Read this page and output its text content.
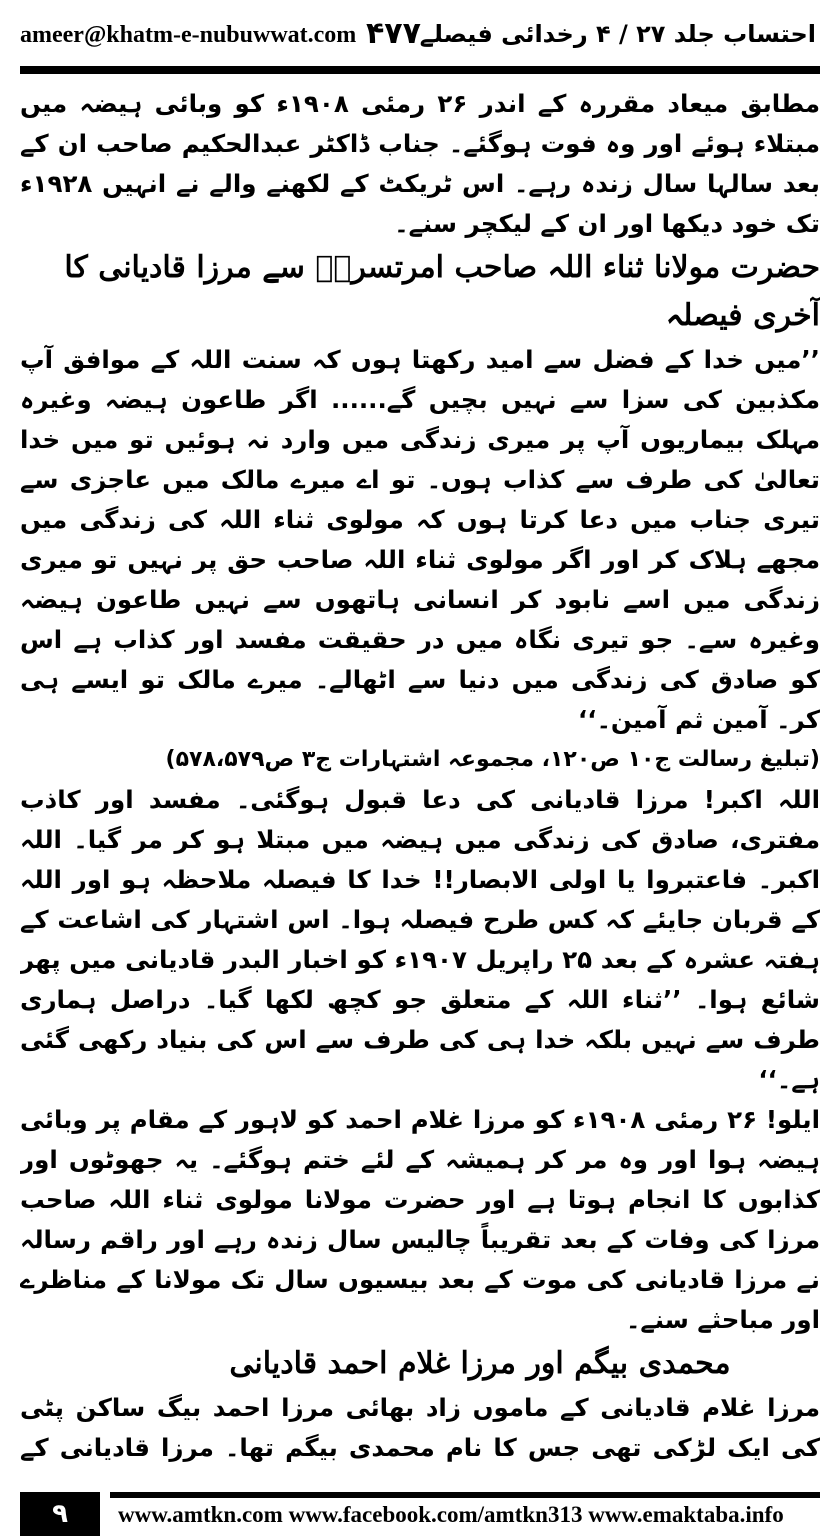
ameer@khatm-e-nubuwwat.com ۴۷۷
احتساب جلد ۲۷ / ۴ رخدائی فیصلے

مطابق میعاد مقررہ کے اندر ۲۶ رمئی ۱۹۰۸ء کو وبائی ہیضہ میں مبتلاء ہوئے اور وہ فوت ہوگئے۔ جناب ڈاکٹر عبدالحکیم صاحب ان کے بعد سالہا سال زندہ رہے۔ اس ٹریکٹ کے لکھنے والے نے انہیں ۱۹۲۸ء تک خود دیکھا اور ان کے لیکچر سنے۔

حضرت مولانا ثناء اللہ صاحب امرتسریؒ سے مرزا قادیانی کا آخری فیصلہ

’’میں خدا کے فضل سے امید رکھتا ہوں کہ سنت اللہ کے موافق آپ مکذبین کی سزا سے نہیں بچیں گے...... اگر طاعون ہیضہ وغیرہ مہلک بیماریوں آپ پر میری زندگی میں وارد نہ ہوئیں تو میں خدا تعالیٰ کی طرف سے کذاب ہوں۔ تو اے میرے مالک میں عاجزی سے تیری جناب میں دعا کرتا ہوں کہ مولوی ثناء اللہ کی زندگی میں مجھے ہلاک کر اور اگر مولوی ثناء اللہ صاحب حق پر نہیں تو میری زندگی میں اسے نابود کر انسانی ہاتھوں سے نہیں طاعون ہیضہ وغیرہ سے۔ جو تیری نگاہ میں در حقیقت مفسد اور کذاب ہے اس کو صادق کی زندگی میں دنیا سے اٹھالے۔ میرے مالک تو ایسے ہی کر۔ آمین ثم آمین۔‘‘

(تبلیغ رسالت ج۱۰ ص۱۲۰، مجموعہ اشتہارات ج۳ ص۵۷۸،۵۷۹)

اللہ اکبر! مرزا قادیانی کی دعا قبول ہوگئی۔ مفسد اور کاذب مفتری، صادق کی زندگی میں ہیضہ میں مبتلا ہو کر مر گیا۔ اللہ اکبر۔ فاعتبروا یا اولی الابصار!! خدا کا فیصلہ ملاحظہ ہو اور اللہ کے قربان جایئے کہ کس طرح فیصلہ ہوا۔ اس اشتہار کی اشاعت کے ہفتہ عشرہ کے بعد ۲۵ راپریل ۱۹۰۷ء کو اخبار البدر قادیانی میں پھر شائع ہوا۔ ’’ثناء اللہ کے متعلق جو کچھ لکھا گیا۔ دراصل ہماری طرف سے نہیں بلکہ خدا ہی کی طرف سے اس کی بنیاد رکھی گئی ہے۔‘‘

ایلو! ۲۶ رمئی ۱۹۰۸ء کو مرزا غلام احمد کو لاہور کے مقام پر وبائی ہیضہ ہوا اور وہ مر کر ہمیشہ کے لئے ختم ہوگئے۔ یہ جھوٹوں اور کذابوں کا انجام ہوتا ہے اور حضرت مولانا مولوی ثناء اللہ صاحب مرزا کی وفات کے بعد تقریباً چالیس سال زندہ رہے اور راقم رسالہ نے مرزا قادیانی کی موت کے بعد بیسیوں سال تک مولانا کے مناظرے اور مباحثے سنے۔

محمدی بیگم اور مرزا غلام احمد قادیانی

مرزا غلام قادیانی کے ماموں زاد بھائی مرزا احمد بیگ ساکن پٹی کی ایک لڑکی تھی جس کا نام محمدی بیگم تھا۔ مرزا قادیانی کے

۹	www.amtkn.com www.facebook.com/amtkn313 www.emaktaba.info
